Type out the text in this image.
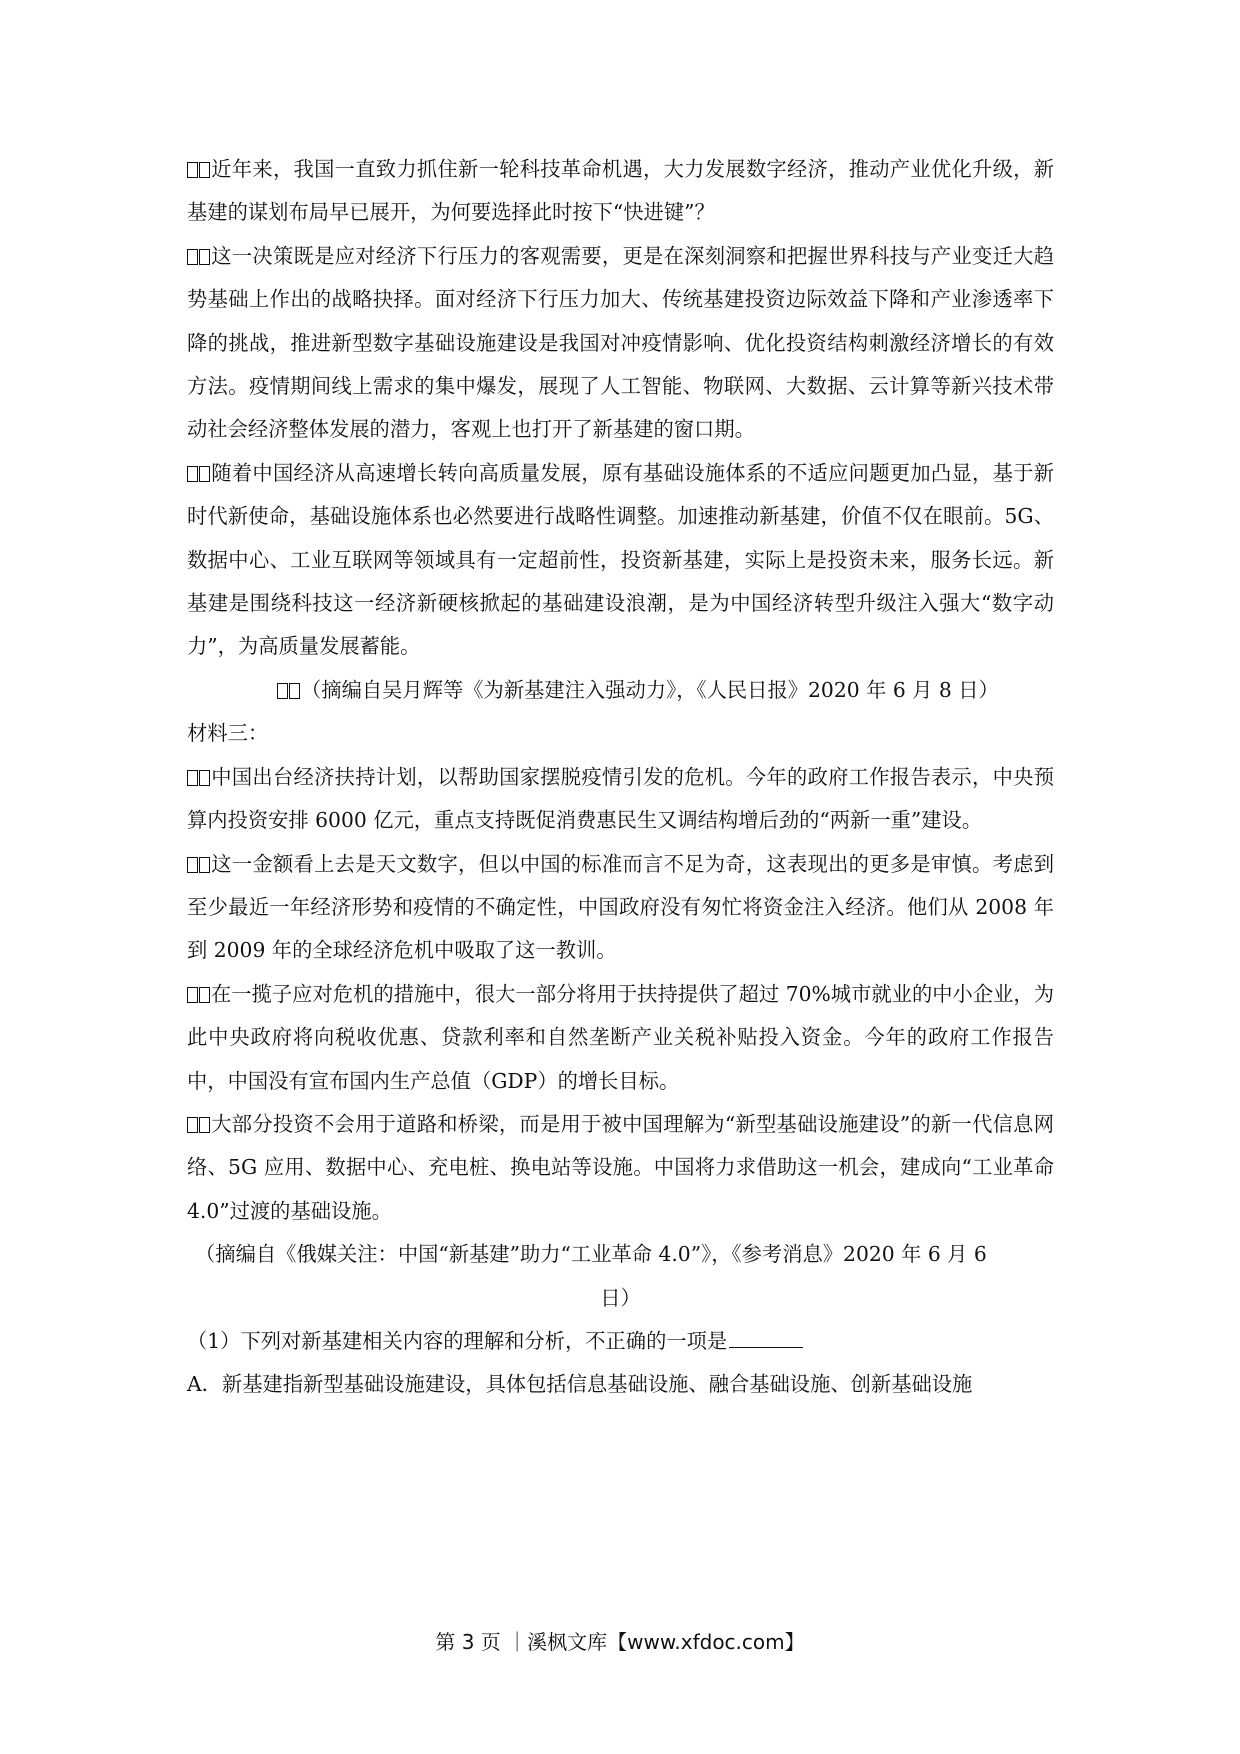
近年来，我国一直致力抓住新一轮科技革命机遇，大力发展数字经济，推动产业优化升级，新基建的谋划布局早已展开，为何要选择此时按下“快进键”？

这一决策既是应对经济下行压力的客观需要，更是在深刻洞察和把握世界科技与产业变迁大趋势基础上作出的战略抉择。面对经济下行压力加大、传统基建投资边际效益下降和产业渗透率下降的挑战，推进新型数字基础设施建设是我国对冲疫情影响、优化投资结构刺激经济增长的有效方法。疫情期间线上需求的集中爆发，展现了人工智能、物联网、大数据、云计算等新兴技术带动社会经济整体发展的潜力，客观上也打开了新基建的窗口期。

随着中国经济从高速增长转向高质量发展，原有基础设施体系的不适应问题更加凸显，基于新时代新使命，基础设施体系也必然要进行战略性调整。加速推动新基建，价值不仅在眼前。5G、数据中心、工业互联网等领域具有一定超前性，投资新基建，实际上是投资未来，服务长远。新基建是围绕科技这一经济新硬核掀起的基础建设浪潮，是为中国经济转型升级注入强大“数字动力”，为高质量发展蓄能。

（摘编自吴月辉等《为新基建注入强动力》，《人民日报》2020 年 6 月 8 日）

材料三：

中国出台经济扶持计划，以帮助国家摆脱疫情引发的危机。今年的政府工作报告表示，中央预算内投资安排 6000 亿元，重点支持既促消费惠民生又调结构增后劲的“两新一重”建设。

这一金额看上去是天文数字，但以中国的标准而言不足为奇，这表现出的更多是审慎。考虑到至少最近一年经济形势和疫情的不确定性，中国政府没有匆忙将资金注入经济。他们从 2008 年到 2009 年的全球经济危机中吸取了这一教训。

在一揽子应对危机的措施中，很大一部分将用于扶持提供了超过 70%城市就业的中小企业，为此中央政府将向税收优惠、贷款利率和自然垄断产业关税补贴投入资金。今年的政府工作报告中，中国没有宣布国内生产总值（GDP）的增长目标。

大部分投资不会用于道路和桥梁，而是用于被中国理解为“新型基础设施建设”的新一代信息网络、5G 应用、数据中心、充电桩、换电站等设施。中国将力求借助这一机会，建成向“工业革命 4.0”过渡的基础设施。

（摘编自《俄媒关注：中国“新基建”助力“工业革命 4.0”》，《参考消息》2020 年 6 月 6

日）

（1）下列对新基建相关内容的理解和分析，不正确的一项是

A．新基建指新型基础设施建设，具体包括信息基础设施、融合基础设施、创新基础设施

第 3 页 ｜溪枫文库【www.xfdoc.com】
